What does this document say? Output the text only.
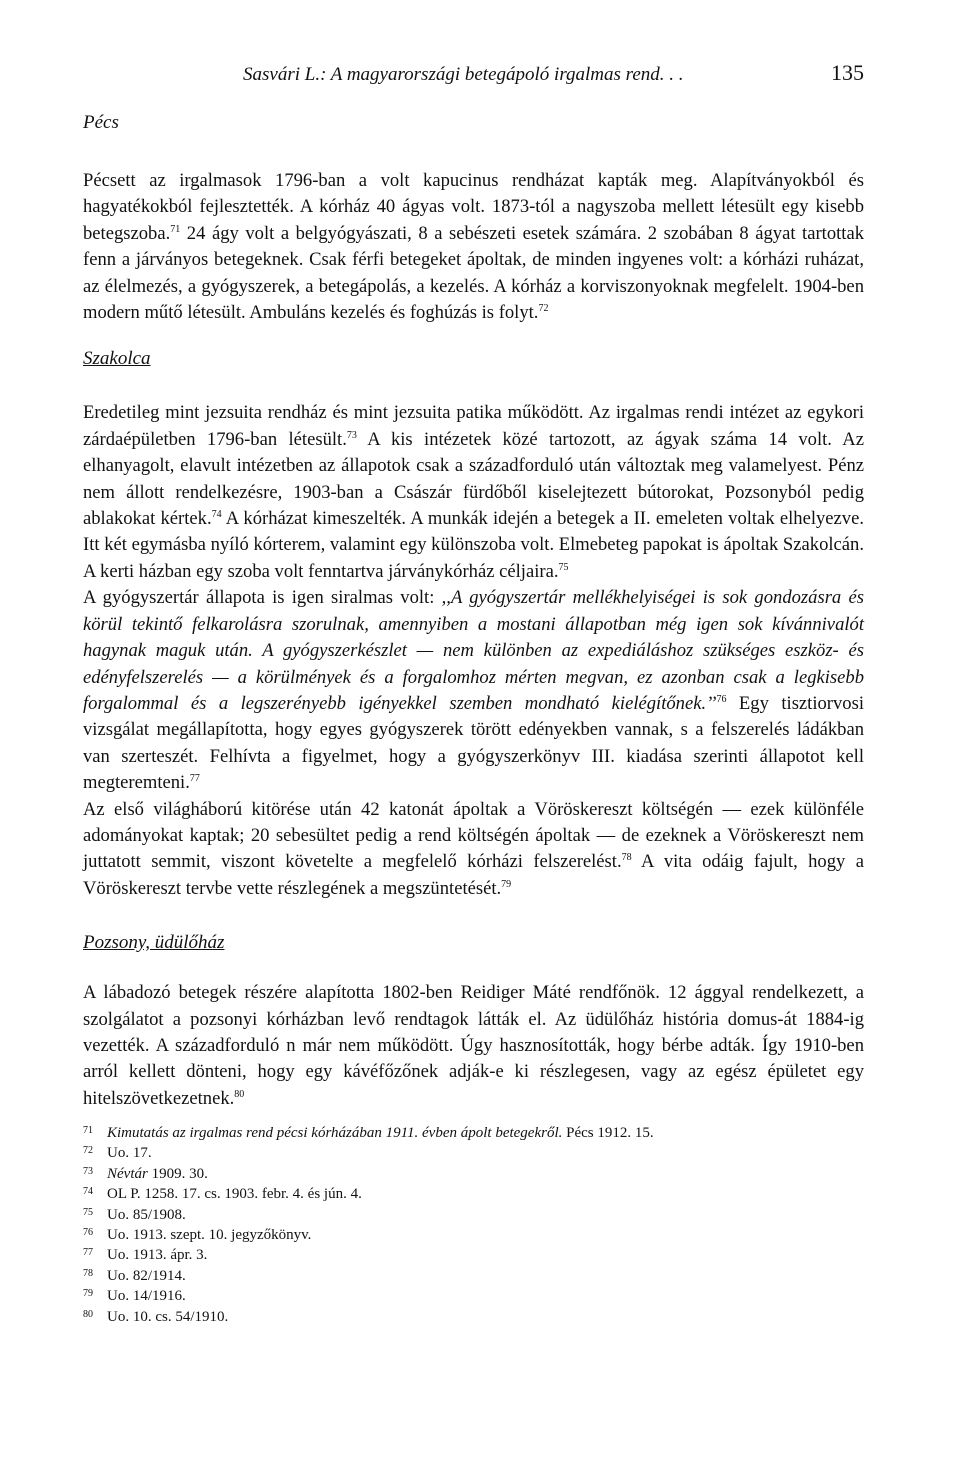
Sasvári L.: A magyarországi betegápoló irgalmas rend. . .	135
Pécs

Pécsett az irgalmasok 1796-ban a volt kapucinus rendházat kapták meg. Alapítványokból és hagyatékokból fejlesztették. A kórház 40 ágyas volt. 1873-tól a nagyszoba mellett létesült egy kisebb betegszoba.$^{71}$ 24 ágy volt a belgyógyászati, 8 a sebészeti esetek számára. 2 szobában 8 ágyat tartottak fenn a járványos betegeknek. Csak férfi betegeket ápoltak, de minden ingyenes volt: a kórházi ruházat, az élelmezés, a gyógyszerek, a betegápolás, a kezelés. A kórház a korviszonyoknak megfelelt. 1904-ben modern műtő létesült. Ambuláns kezelés és foghúzás is folyt.$^{72}$

Szakolca

Eredetileg mint jezsuita rendház és mint jezsuita patika működött. Az irgalmas rendi intézet az egykori zárdaépületben 1796-ban létesült.$^{73}$ A kis intézetek közé tartozott, az ágyak száma 14 volt. Az elhanyagolt, elavult intézetben az állapotok csak a századforduló után változtak meg valamelyest. Pénz nem állott rendelkezésre, 1903-ban a Császár fürdőből kiselejtezett bútorokat, Pozsonyból pedig ablakokat kértek.$^{74}$ A kórházat kimeszelték. A munkák idején a betegek a II. emeleten voltak elhelyezve. Itt két egymásba nyíló kórterem, valamint egy különszoba volt. Elmebeteg papokat is ápoltak Szakolcán. A kerti házban egy szoba volt fenntartva járványkórház céljaira.$^{75}$

A gyógyszertár állapota is igen siralmas volt: ,,A gyógyszertár mellékhelyiségei is sok gondozásra és körül tekintő felkarolásra szorulnak, amennyiben a mostani állapotban még igen sok kívánnivalót hagynak maguk után. A gyógyszerkészlet — nem különben az expediáláshoz szükséges eszköz- és edényfelszerelés — a körülmények és a forgalomhoz mérten megvan, ez azonban csak a legkisebb forgalommal és a legszerényebb igényekkel szemben mondható kielégítőnek.’’$^{76}$ Egy tisztiorvosi vizsgálat megállapította, hogy egyes gyógyszerek törött edényekben vannak, s a felszerelés ládákban van szerteszét. Felhívta a figyelmet, hogy a gyógyszerkönyv III. kiadása szerinti állapotot kell megteremteni.$^{77}$

Az első világháború kitörése után 42 katonát ápoltak a Vöröskereszt költségén — ezek különféle adományokat kaptak; 20 sebesültet pedig a rend költségén ápoltak — de ezeknek a Vöröskereszt nem juttatott semmit, viszont követelte a megfelelő kórházi felszerelést.$^{78}$ A vita odáig fajult, hogy a Vöröskereszt tervbe vette részlegének a megszüntetését.$^{79}$

Pozsony, üdülőház

A lábadozó betegek részére alapította 1802-ben Reidiger Máté rendfőnök. 12 ággyal rendelkezett, a szolgálatot a pozsonyi kórházban levő rendtagok látták el. Az üdülőház história domus-át 1884-ig vezették. A századforduló n már nem működött. Úgy hasznosították, hogy bérbe adták. Így 1910-ben arról kellett dönteni, hogy egy kávéfőzőnek adják-e ki részlegesen, vagy az egész épületet egy hitelszövetkezetnek.$^{80}$

71 Kimutatás az irgalmas rend pécsi kórházában 1911. évben ápolt betegekről. Pécs 1912. 15.
72 Uo. 17.
73 Névtár 1909. 30.
74 OL P. 1258. 17. cs. 1903. febr. 4. és jún. 4.
75 Uo. 85/1908.
76 Uo. 1913. szept. 10. jegyzőkönyv.
77 Uo. 1913. ápr. 3.
78 Uo. 82/1914.
79 Uo. 14/1916.
80 Uo. 10. cs. 54/1910.
